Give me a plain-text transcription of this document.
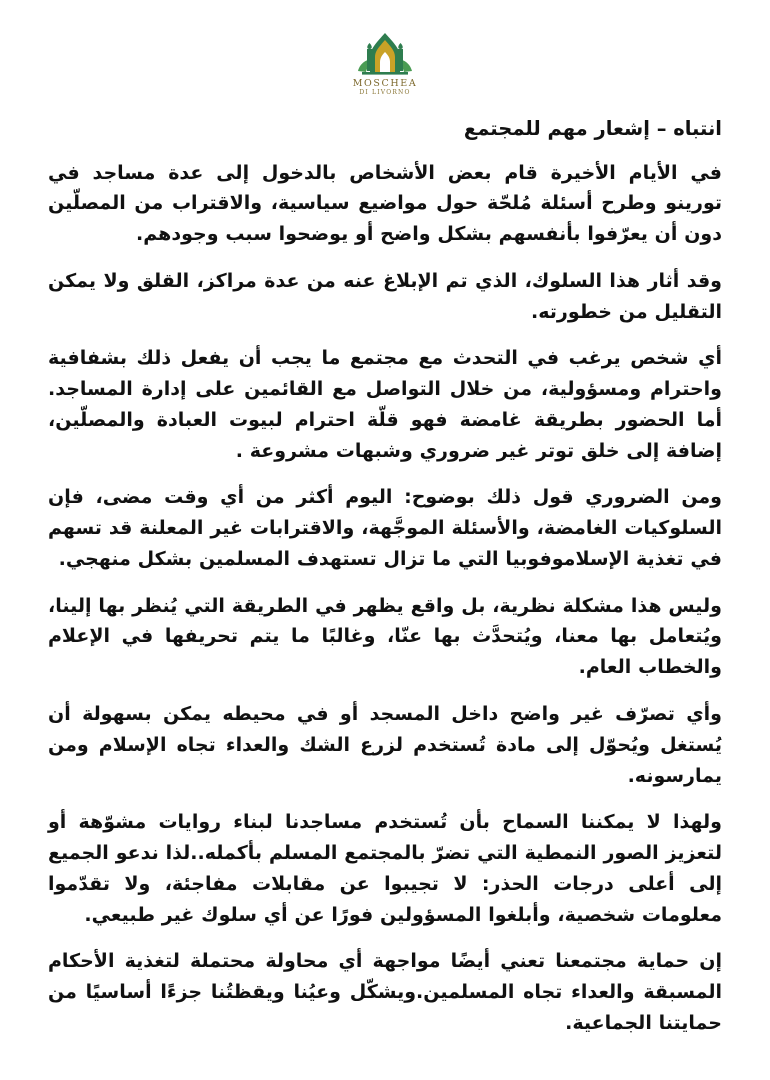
MOSCHEA
DI LIVORNO
انتباه – إشعار مهم للمجتمع

في الأيام الأخيرة قام بعض الأشخاص بالدخول إلى عدة مساجد في تورينو وطرح أسئلة مُلحّة حول مواضيع سياسية، والاقتراب من المصلّين دون أن يعرّفوا بأنفسهم بشكل واضح أو يوضحوا سبب وجودهم.

وقد أثار هذا السلوك، الذي تم الإبلاغ عنه من عدة مراكز، القلق ولا يمكن التقليل من خطورته.

أي شخص يرغب في التحدث مع مجتمع ما يجب أن يفعل ذلك بشفافية واحترام ومسؤولية، من خلال التواصل مع القائمين على إدارة المساجد. أما الحضور بطريقة غامضة فهو قلّة احترام لبيوت العبادة والمصلّين، إضافة إلى خلق توتر غير ضروري وشبهات مشروعة .

ومن الضروري قول ذلك بوضوح: اليوم أكثر من أي وقت مضى، فإن السلوكيات الغامضة، والأسئلة الموجَّهة، والاقترابات غير المعلنة قد تسهم في تغذية الإسلاموفوبيا التي ما تزال تستهدف المسلمين بشكل منهجي.

وليس هذا مشكلة نظرية، بل واقع يظهر في الطريقة التي يُنظر بها إلينا، ويُتعامل بها معنا، ويُتحدَّث بها عنّا، وغالبًا ما يتم تحريفها في الإعلام والخطاب العام.

وأي تصرّف غير واضح داخل المسجد أو في محيطه يمكن بسهولة أن يُستغل ويُحوّل إلى مادة تُستخدم لزرع الشك والعداء تجاه الإسلام ومن يمارسونه.

ولهذا لا يمكننا السماح بأن تُستخدم مساجدنا لبناء روايات مشوّهة أو لتعزيز الصور النمطية التي تضرّ بالمجتمع المسلم بأكمله..لذا ندعو الجميع إلى أعلى درجات الحذر: لا تجيبوا عن مقابلات مفاجئة، ولا تقدّموا معلومات شخصية، وأبلغوا المسؤولين فورًا عن أي سلوك غير طبيعي.

إن حماية مجتمعنا تعني أيضًا مواجهة أي محاولة محتملة لتغذية الأحكام المسبقة والعداء تجاه المسلمين.ويشكّل وعيُنا ويقظتُنا جزءًا أساسيًا من حمايتنا الجماعية.
